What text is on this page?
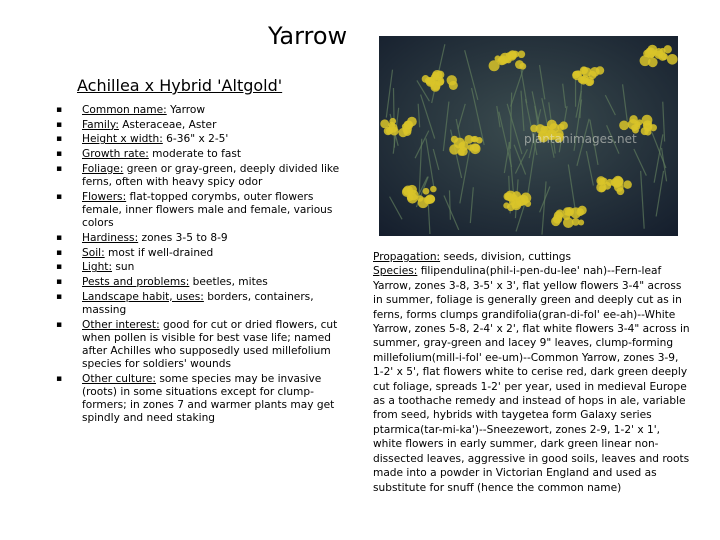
Yarrow
Achillea x Hybrid 'Altgold'
plantanimages.net
▪ Common name: Yarrow
▪ Family: Asteraceae, Aster
▪ Height x width: 6-36" x 2-5'
▪ Growth rate: moderate to fast
▪ Foliage: green or gray-green, deeply divided like ferns, often with heavy spicy odor
▪ Flowers: flat-topped corymbs, outer flowers female, inner flowers male and female, various colors
▪ Hardiness: zones 3-5 to 8-9
▪ Soil: most if well-drained
▪ Light: sun
▪ Pests and problems: beetles, mites
▪ Landscape habit, uses: borders, containers, massing
▪ Other interest: good for cut or dried flowers, cut when pollen is visible for best vase life; named after Achilles who supposedly used millefolium species for soldiers' wounds
▪ Other culture: some species may be invasive (roots) in some situations except for clump-formers; in zones 7 and warmer plants may get spindly and need staking

Propagation: seeds, division, cuttings
Species: filipendulina(phil-i-pen-du-lee' nah)--Fern-leaf Yarrow, zones 3-8, 3-5' x 3', flat yellow flowers 3-4" across in summer, foliage is generally green and deeply cut as in ferns, forms clumps grandifolia(gran-di-fol' ee-ah)--White Yarrow, zones 5-8, 2-4' x 2', flat white flowers 3-4" across in summer, gray-green and lacey 9" leaves, clump-forming millefolium(mill-i-fol' ee-um)--Common Yarrow, zones 3-9, 1-2' x 5', flat flowers white to cerise red, dark green deeply cut foliage, spreads 1-2' per year, used in medieval Europe as a toothache remedy and instead of hops in ale, variable from seed, hybrids with taygetea form Galaxy series ptarmica(tar-mi-ka')--Sneezewort, zones 2-9, 1-2' x 1', white flowers in early summer, dark green linear non-dissected leaves, aggressive in good soils, leaves and roots made into a powder in Victorian England and used as substitute for snuff (hence the common name)
